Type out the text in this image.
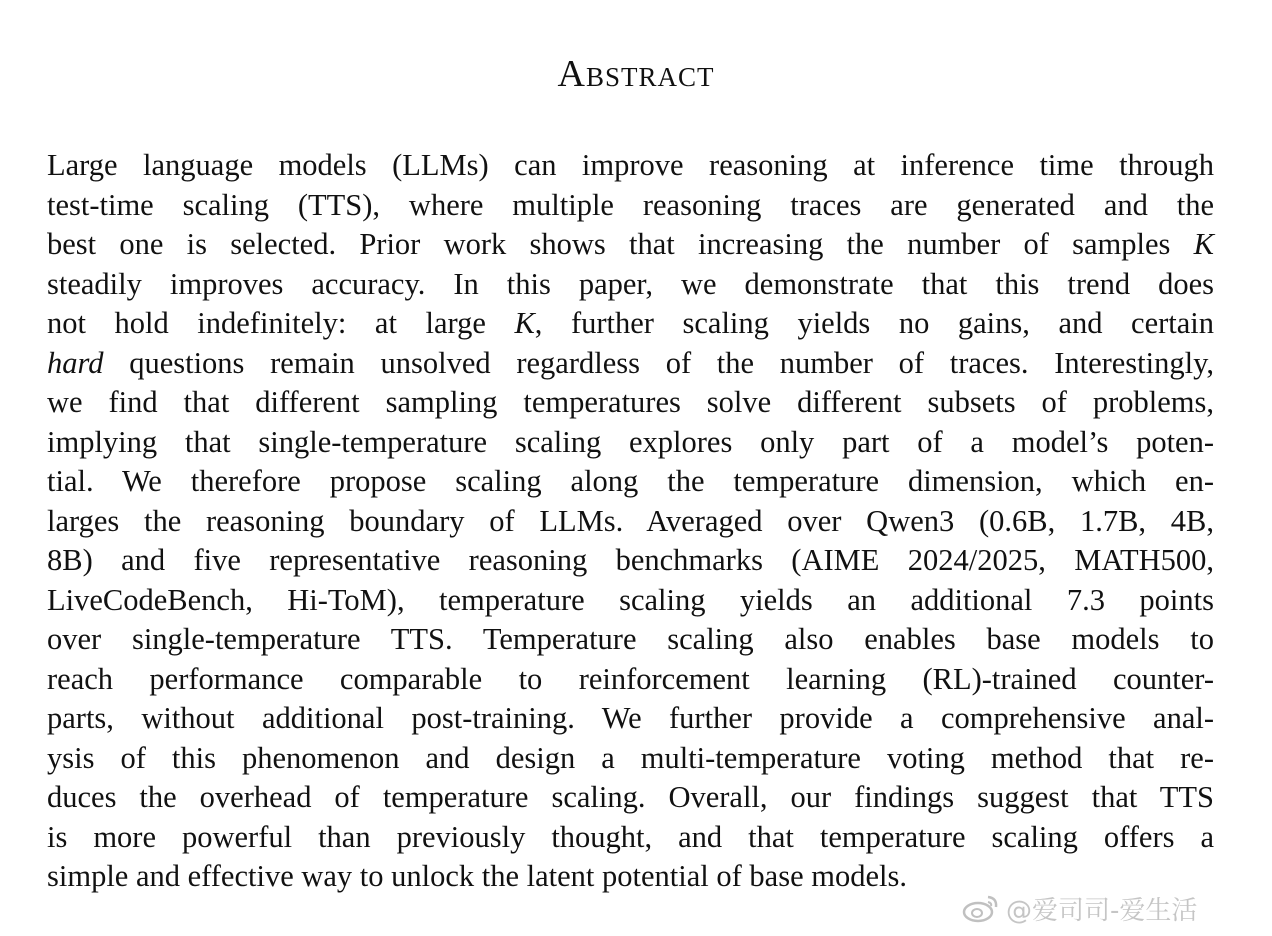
Abstract
Large language models (LLMs) can improve reasoning at inference time through
test-time scaling (TTS), where multiple reasoning traces are generated and the
best one is selected. Prior work shows that increasing the number of samples K
steadily improves accuracy. In this paper, we demonstrate that this trend does
not hold indefinitely: at large K, further scaling yields no gains, and certain
hard questions remain unsolved regardless of the number of traces. Interestingly,
we find that different sampling temperatures solve different subsets of problems,
implying that single-temperature scaling explores only part of a model’s poten-
tial. We therefore propose scaling along the temperature dimension, which en-
larges the reasoning boundary of LLMs. Averaged over Qwen3 (0.6B, 1.7B, 4B,
8B) and five representative reasoning benchmarks (AIME 2024/2025, MATH500,
LiveCodeBench, Hi-ToM), temperature scaling yields an additional 7.3 points
over single-temperature TTS. Temperature scaling also enables base models to
reach performance comparable to reinforcement learning (RL)-trained counter-
parts, without additional post-training. We further provide a comprehensive anal-
ysis of this phenomenon and design a multi-temperature voting method that re-
duces the overhead of temperature scaling. Overall, our findings suggest that TTS
is more powerful than previously thought, and that temperature scaling offers a
simple and effective way to unlock the latent potential of base models.
@爱司司-爱生活
